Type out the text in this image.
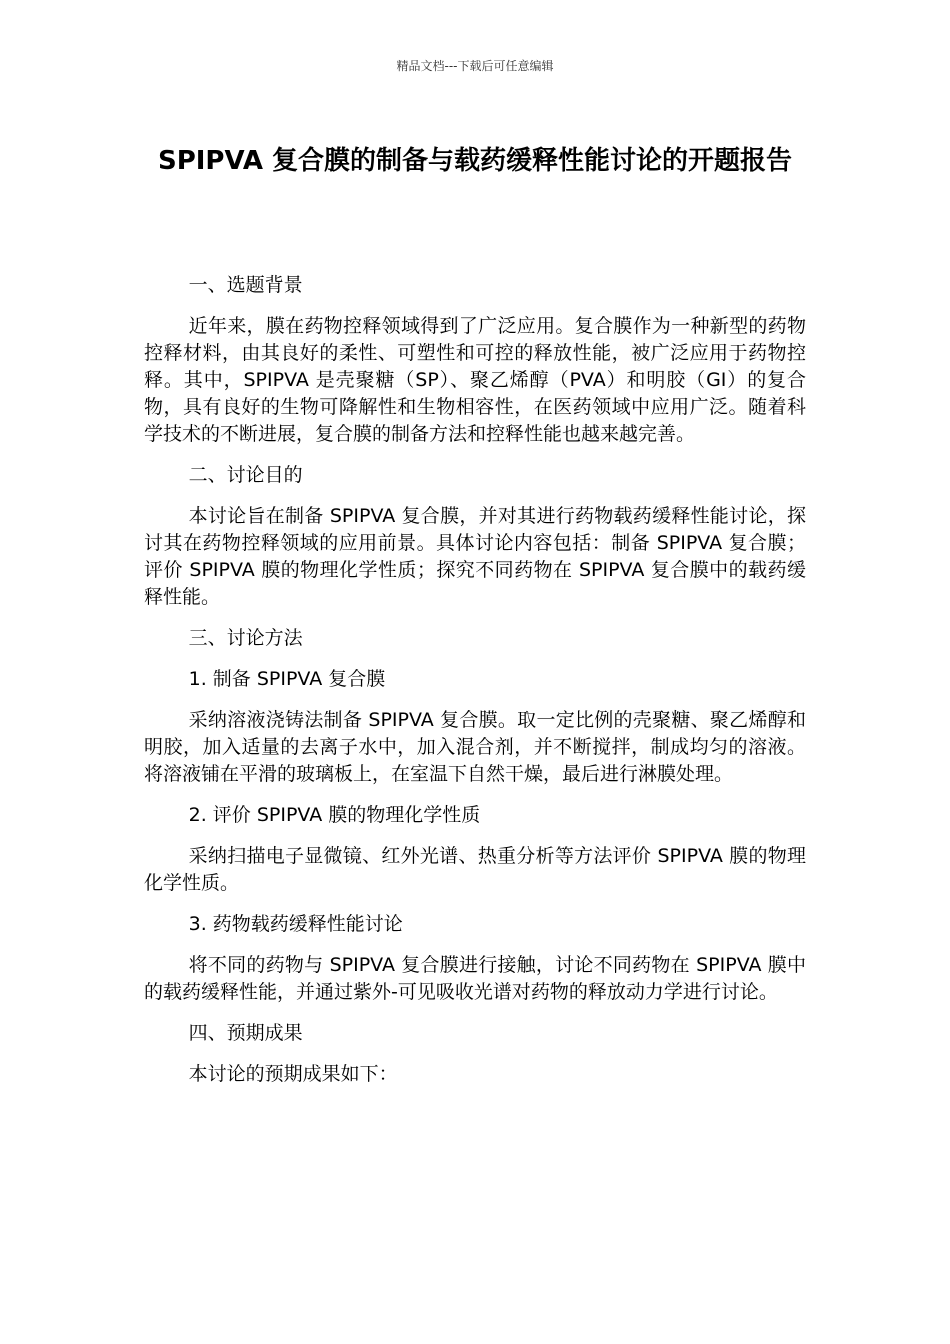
精品文档---下载后可任意编辑
SPIPVA 复合膜的制备与载药缓释性能讨论的开题报告

一、选题背景

近年来，膜在药物控释领域得到了广泛应用。复合膜作为一种新型的药物控释材料，由其良好的柔性、可塑性和可控的释放性能，被广泛应用于药物控释。其中，SPIPVA 是壳聚糖（SP）、聚乙烯醇（PVA）和明胶（GI）的复合物，具有良好的生物可降解性和生物相容性，在医药领域中应用广泛。随着科学技术的不断进展，复合膜的制备方法和控释性能也越来越完善。

二、讨论目的

本讨论旨在制备 SPIPVA 复合膜，并对其进行药物载药缓释性能讨论，探讨其在药物控释领域的应用前景。具体讨论内容包括：制备 SPIPVA 复合膜；评价 SPIPVA 膜的物理化学性质；探究不同药物在 SPIPVA 复合膜中的载药缓释性能。

三、讨论方法

1. 制备 SPIPVA 复合膜

采纳溶液浇铸法制备 SPIPVA 复合膜。取一定比例的壳聚糖、聚乙烯醇和明胶，加入适量的去离子水中，加入混合剂，并不断搅拌，制成均匀的溶液。将溶液铺在平滑的玻璃板上，在室温下自然干燥，最后进行淋膜处理。

2. 评价 SPIPVA 膜的物理化学性质

采纳扫描电子显微镜、红外光谱、热重分析等方法评价 SPIPVA 膜的物理化学性质。

3. 药物载药缓释性能讨论

将不同的药物与 SPIPVA 复合膜进行接触，讨论不同药物在 SPIPVA 膜中的载药缓释性能，并通过紫外-可见吸收光谱对药物的释放动力学进行讨论。

四、预期成果

本讨论的预期成果如下：
